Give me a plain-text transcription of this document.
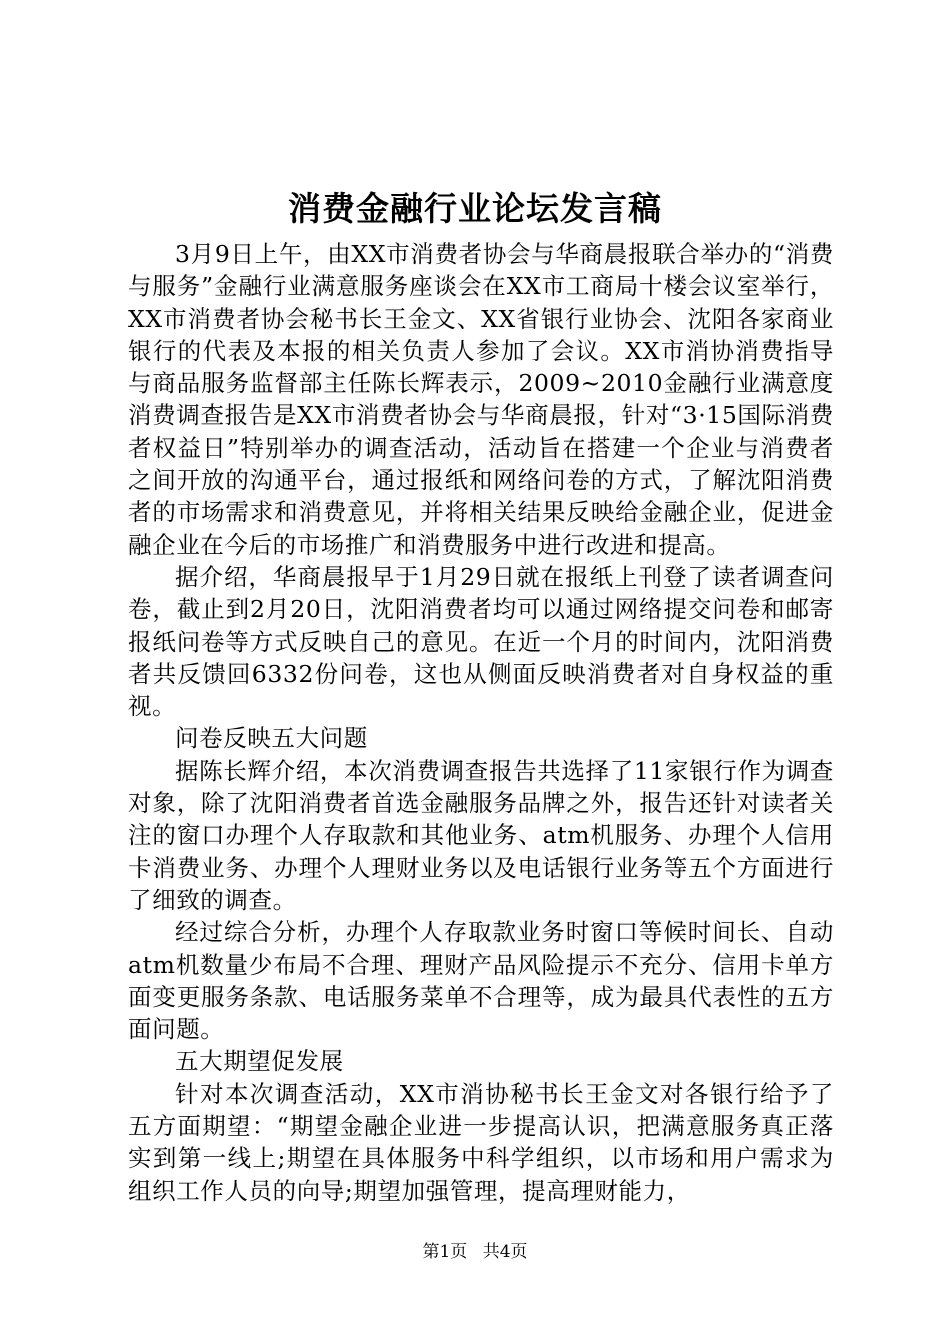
消费金融行业论坛发言稿

3月9日上午，由XX市消费者协会与华商晨报联合举办的“消费与服务”金融行业满意服务座谈会在XX市工商局十楼会议室举行，XX市消费者协会秘书长王金文、XX省银行业协会、沈阳各家商业银行的代表及本报的相关负责人参加了会议。XX市消协消费指导与商品服务监督部主任陈长辉表示，2009~2010金融行业满意度消费调查报告是XX市消费者协会与华商晨报，针对“3·15国际消费者权益日”特别举办的调查活动，活动旨在搭建一个企业与消费者之间开放的沟通平台，通过报纸和网络问卷的方式，了解沈阳消费者的市场需求和消费意见，并将相关结果反映给金融企业，促进金融企业在今后的市场推广和消费服务中进行改进和提高。

据介绍，华商晨报早于1月29日就在报纸上刊登了读者调查问卷，截止到2月20日，沈阳消费者均可以通过网络提交问卷和邮寄报纸问卷等方式反映自己的意见。在近一个月的时间内，沈阳消费者共反馈回6332份问卷，这也从侧面反映消费者对自身权益的重视。

问卷反映五大问题

据陈长辉介绍，本次消费调查报告共选择了11家银行作为调查对象，除了沈阳消费者首选金融服务品牌之外，报告还针对读者关注的窗口办理个人存取款和其他业务、atm机服务、办理个人信用卡消费业务、办理个人理财业务以及电话银行业务等五个方面进行了细致的调查。

经过综合分析，办理个人存取款业务时窗口等候时间长、自动atm机数量少布局不合理、理财产品风险提示不充分、信用卡单方面变更服务条款、电话服务菜单不合理等，成为最具代表性的五方面问题。

五大期望促发展

针对本次调查活动，XX市消协秘书长王金文对各银行给予了五方面期望：“期望金融企业进一步提高认识，把满意服务真正落实到第一线上;期望在具体服务中科学组织，以市场和用户需求为组织工作人员的向导;期望加强管理，提高理财能力，

第1页 共4页
